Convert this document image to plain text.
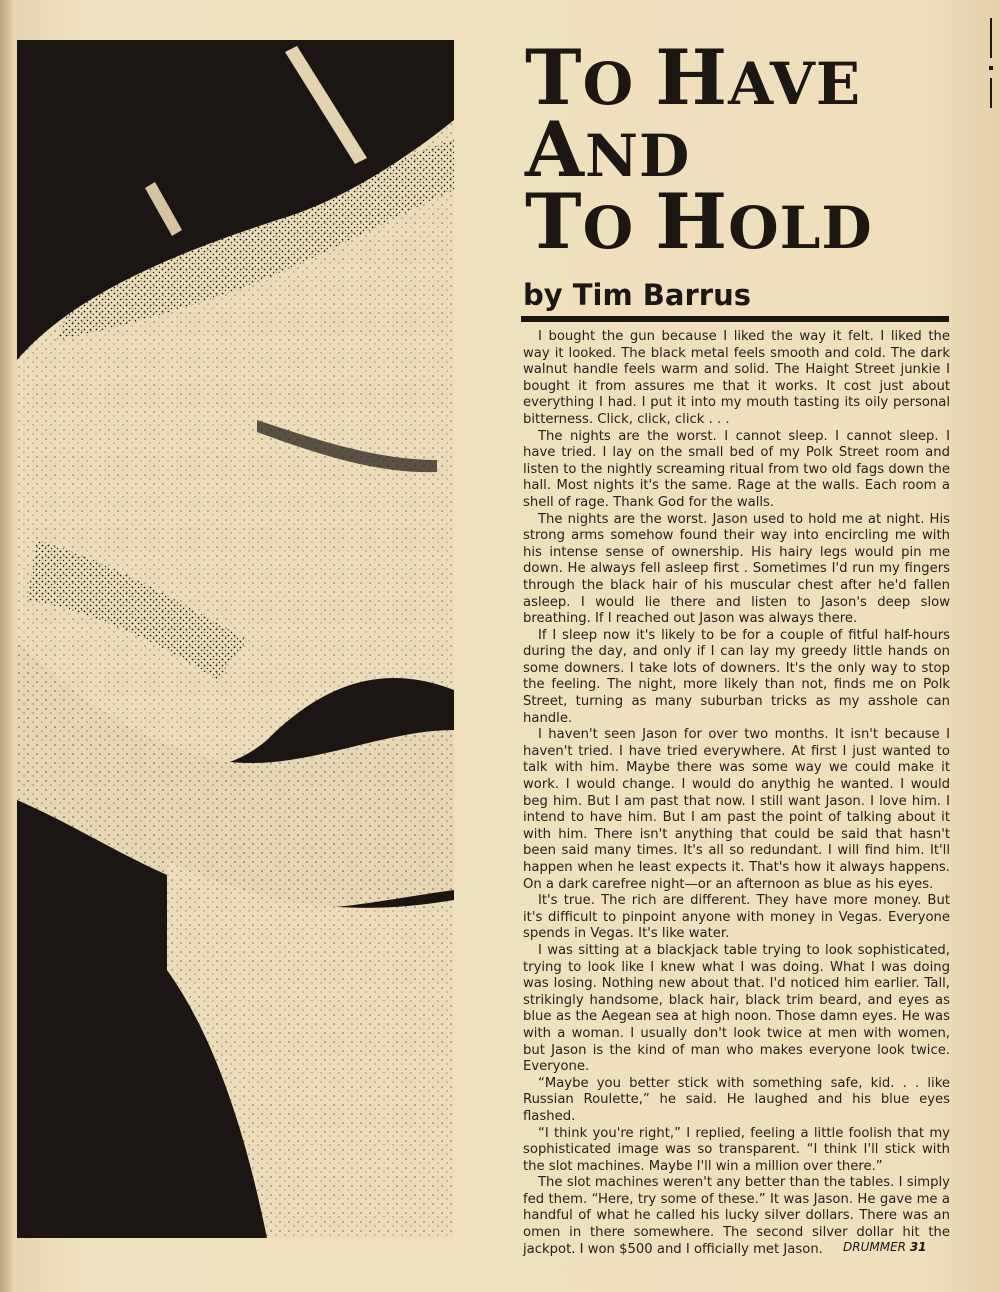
TO HAVE
AND
TO HOLD

by Tim Barrus

I bought the gun because I liked the way it felt. I liked the way it looked. The black metal feels smooth and cold. The dark walnut handle feels warm and solid. The Haight Street junkie I bought it from assures me that it works. It cost just about everything I had. I put it into my mouth tasting its oily personal bitterness. Click, click, click . . .

The nights are the worst. I cannot sleep. I cannot sleep. I have tried. I lay on the small bed of my Polk Street room and listen to the nightly screaming ritual from two old fags down the hall. Most nights it's the same. Rage at the walls. Each room a shell of rage. Thank God for the walls.

The nights are the worst. Jason used to hold me at night. His strong arms somehow found their way into encircling me with his intense sense of ownership. His hairy legs would pin me down. He always fell asleep first . Sometimes I'd run my fingers through the black hair of his muscular chest after he'd fallen asleep. I would lie there and listen to Jason's deep slow breathing. If I reached out Jason was always there.

If I sleep now it's likely to be for a couple of fitful half-hours during the day, and only if I can lay my greedy little hands on some downers. I take lots of downers. It's the only way to stop the feeling. The night, more likely than not, finds me on Polk Street, turning as many suburban tricks as my asshole can handle.

I haven't seen Jason for over two months. It isn't because I haven't tried. I have tried everywhere. At first I just wanted to talk with him. Maybe there was some way we could make it work. I would change. I would do anythig he wanted. I would beg him. But I am past that now. I still want Jason. I love him. I intend to have him. But I am past the point of talking about it with him. There isn't anything that could be said that hasn't been said many times. It's all so redundant. I will find him. It'll happen when he least expects it. That's how it always happens. On a dark carefree night—or an afternoon as blue as his eyes.

It's true. The rich are different. They have more money. But it's difficult to pinpoint anyone with money in Vegas. Everyone spends in Vegas. It's like water.

I was sitting at a blackjack table trying to look sophisticated, trying to look like I knew what I was doing. What I was doing was losing. Nothing new about that. I'd noticed him earlier. Tall, strikingly handsome, black hair, black trim beard, and eyes as blue as the Aegean sea at high noon. Those damn eyes. He was with a woman. I usually don't look twice at men with women, but Jason is the kind of man who makes everyone look twice. Everyone.

“Maybe you better stick with something safe, kid. . . like Russian Roulette,” he said. He laughed and his blue eyes flashed.

“I think you're right,” I replied, feeling a little foolish that my sophisticated image was so transparent. “I think I'll stick with the slot machines. Maybe I'll win a million over there.”

The slot machines weren't any better than the tables. I simply fed them. “Here, try some of these.” It was Jason. He gave me a handful of what he called his lucky silver dollars. There was an omen in there somewhere. The second silver dollar hit the jackpot. I won $500 and I officially met Jason.	DRUMMER 31
